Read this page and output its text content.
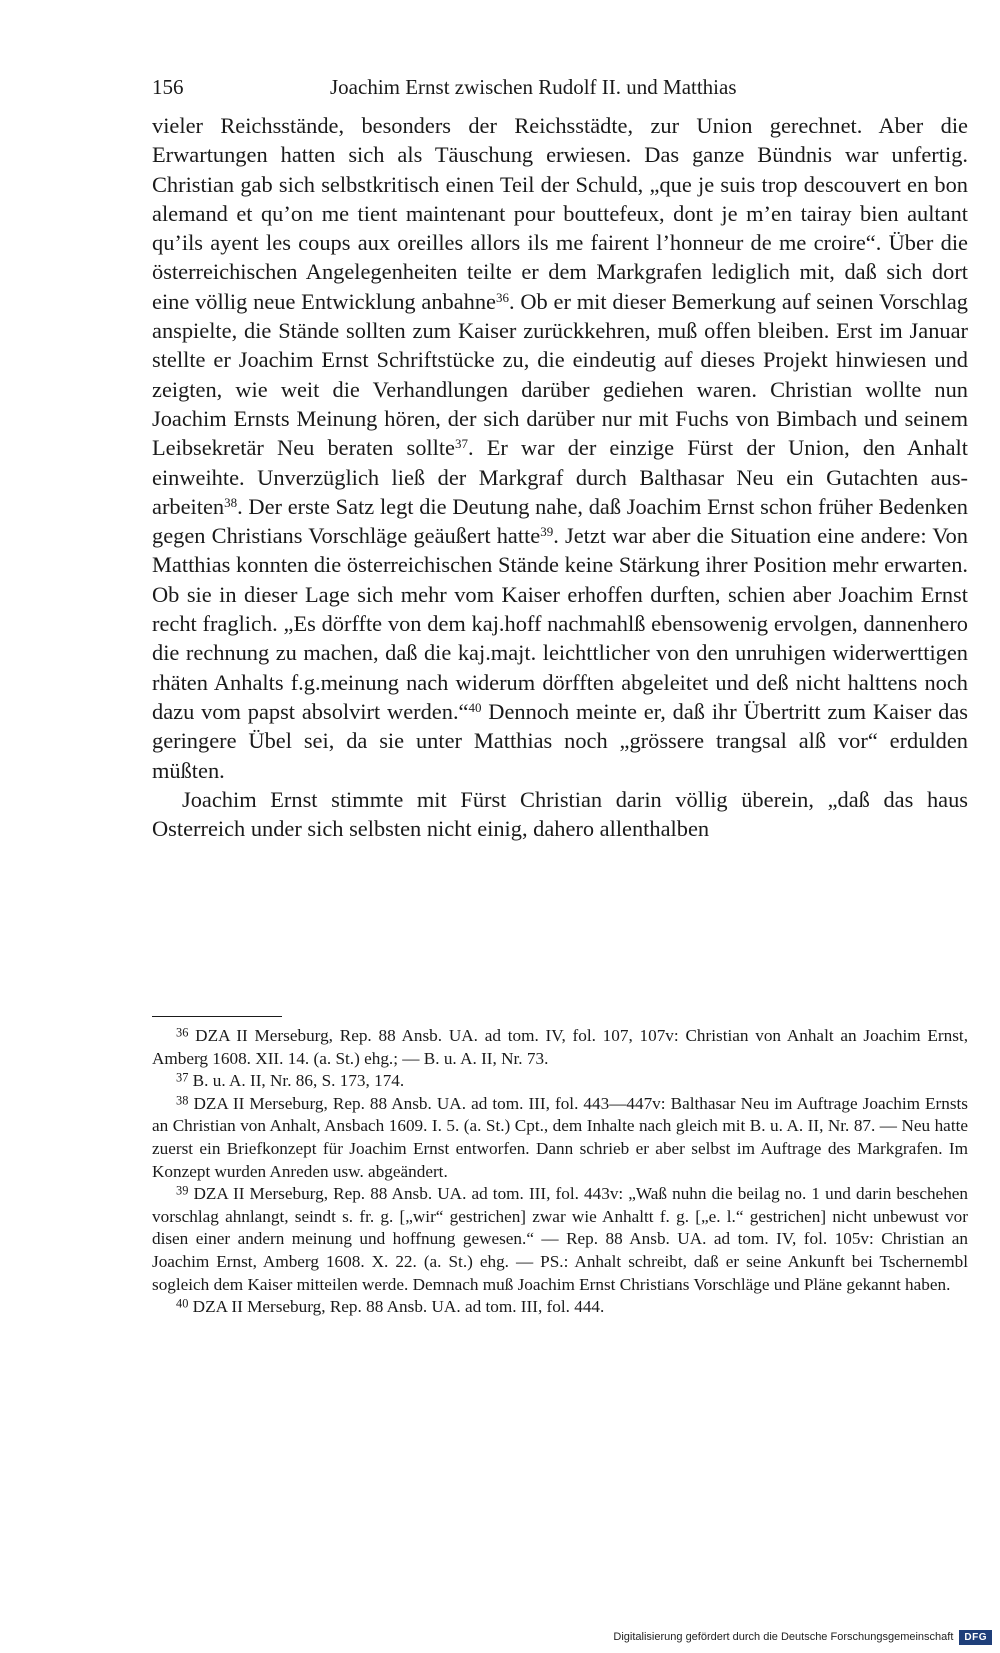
156	Joachim Ernst zwischen Rudolf II. und Matthias

vieler Reichsstände, besonders der Reichsstädte, zur Union gerechnet. Aber die Erwartungen hatten sich als Täuschung erwiesen. Das ganze Bündnis war unfertig. Christian gab sich selbstkritisch einen Teil der Schuld, „que je suis trop descouvert en bon alemand et qu’on me tient maintenant pour bouttefeux, dont je m’en tairay bien aultant qu’ils ayent les coups aux oreilles allors ils me fairent l’honneur de me croire“. Über die österreichischen Angelegenheiten teilte er dem Markgrafen lediglich mit, daß sich dort eine völlig neue Entwicklung anbahne$^{36}$. Ob er mit dieser Bemerkung auf seinen Vorschlag anspielte, die Stände sollten zum Kaiser zurückkehren, muß offen bleiben. Erst im Januar stellte er Joachim Ernst Schriftstücke zu, die eindeutig auf dieses Projekt hinwiesen und zeigten, wie weit die Verhandlungen darüber gediehen waren. Christian wollte nun Joachim Ernsts Meinung hören, der sich darüber nur mit Fuchs von Bimbach und seinem Leibsekretär Neu beraten sollte$^{37}$. Er war der einzige Fürst der Union, den Anhalt einweihte. Unverzüglich ließ der Markgraf durch Balthasar Neu ein Gutachten ausarbeiten$^{38}$. Der erste Satz legt die Deutung nahe, daß Joachim Ernst schon früher Bedenken gegen Christians Vorschläge geäußert hatte$^{39}$. Jetzt war aber die Situation eine andere: Von Matthias konnten die österreichischen Stände keine Stärkung ihrer Position mehr erwarten. Ob sie in dieser Lage sich mehr vom Kaiser erhoffen durften, schien aber Joachim Ernst recht fraglich. „Es dörffte von dem kaj.hoff nachmahlß ebensowenig ervolgen, dannenhero die rechnung zu machen, daß die kaj.majt. leichttlicher von den unruhigen widerwerttigen rhäten Anhalts f.g.meinung nach widerum dörfften abgeleitet und deß nicht halttens noch dazu vom papst absolvirt werden.“$^{40}$ Dennoch meinte er, daß ihr Übertritt zum Kaiser das geringere Übel sei, da sie unter Matthias noch „grössere trangsal alß vor“ erdulden müßten.

Joachim Ernst stimmte mit Fürst Christian darin völlig überein, „daß das haus Osterreich under sich selbsten nicht einig, dahero allenthalben

$^{36}$ DZA II Merseburg, Rep. 88 Ansb. UA. ad tom. IV, fol. 107, 107v: Christian von Anhalt an Joachim Ernst, Amberg 1608. XII. 14. (a. St.) ehg.; — B. u. A. II, Nr. 73.

$^{37}$ B. u. A. II, Nr. 86, S. 173, 174.

$^{38}$ DZA II Merseburg, Rep. 88 Ansb. UA. ad tom. III, fol. 443—447v: Balthasar Neu im Auftrage Joachim Ernsts an Christian von Anhalt, Ansbach 1609. I. 5. (a. St.) Cpt., dem Inhalte nach gleich mit B. u. A. II, Nr. 87. — Neu hatte zuerst ein Briefkonzept für Joachim Ernst entworfen. Dann schrieb er aber selbst im Auftrage des Markgrafen. Im Konzept wurden Anreden usw. abgeändert.

$^{39}$ DZA II Merseburg, Rep. 88 Ansb. UA. ad tom. III, fol. 443v: „Waß nuhn die beilag no. 1 und darin beschehen vorschlag ahnlangt, seindt s. fr. g. [„wir“ gestrichen] zwar wie Anhaltt f. g. [„e. l.“ gestrichen] nicht unbewust vor disen einer andern meinung und hoffnung gewesen.“ — Rep. 88 Ansb. UA. ad tom. IV, fol. 105v: Christian an Joachim Ernst, Amberg 1608. X. 22. (a. St.) ehg. — PS.: Anhalt schreibt, daß er seine Ankunft bei Tschernembl sogleich dem Kaiser mitteilen werde. Demnach muß Joachim Ernst Christians Vorschläge und Pläne gekannt haben.

$^{40}$ DZA II Merseburg, Rep. 88 Ansb. UA. ad tom. III, fol. 444.

Digitalisierung gefördert durch die Deutsche Forschungsgemeinschaft	DFG
